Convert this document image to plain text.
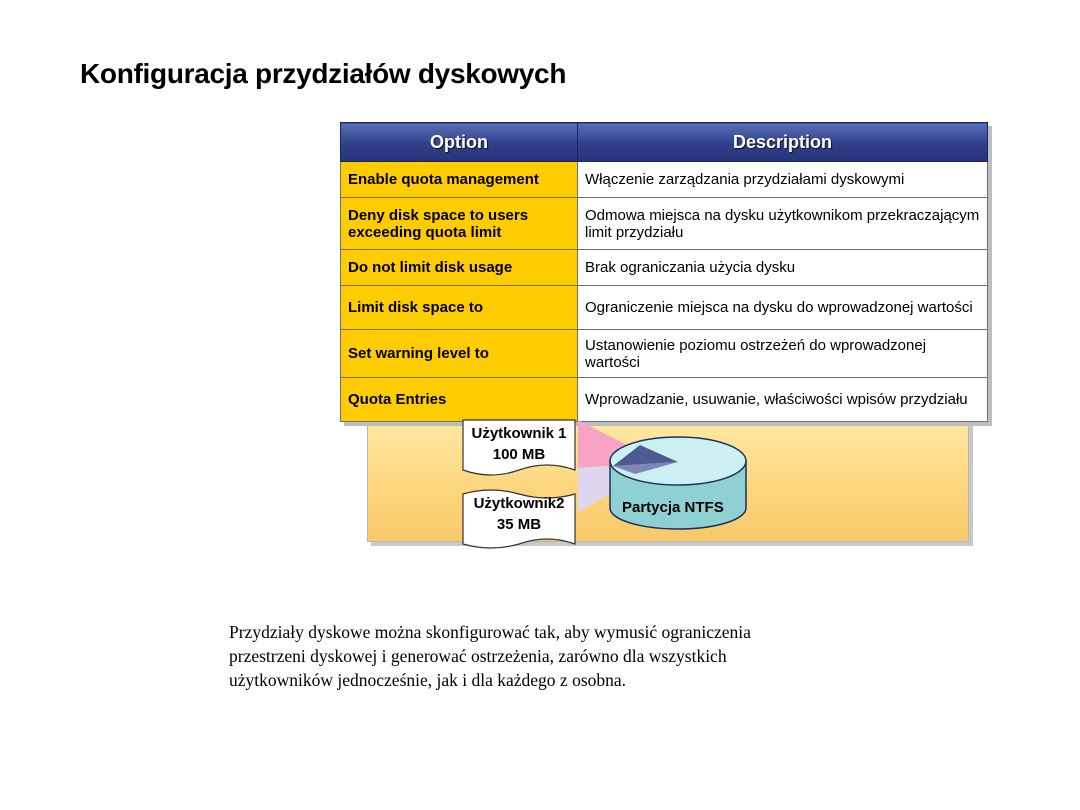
Konfiguracja przydziałów dyskowych
Option	Description
Enable quota management	Włączenie zarządzania przydziałami dyskowymi
Deny disk space to users exceeding quota limit	Odmowa miejsca na dysku użytkownikom przekraczającym limit przydziału
Do not limit disk usage	Brak ograniczania użycia dysku
Limit disk space to	Ograniczenie miejsca na dysku do wprowadzonej wartości
Set warning level to	Ustanowienie poziomu ostrzeżeń do wprowadzonej wartości
Quota Entries	Wprowadzanie, usuwanie, właściwości wpisów przydziału
Użytkownik 1
100 MB
Użytkownik2
35 MB
Partycja NTFS
Przydziały dyskowe można skonfigurować tak, aby wymusić ograniczenia
przestrzeni dyskowej i generować ostrzeżenia, zarówno dla wszystkich
użytkowników jednocześnie, jak i dla każdego z osobna.
